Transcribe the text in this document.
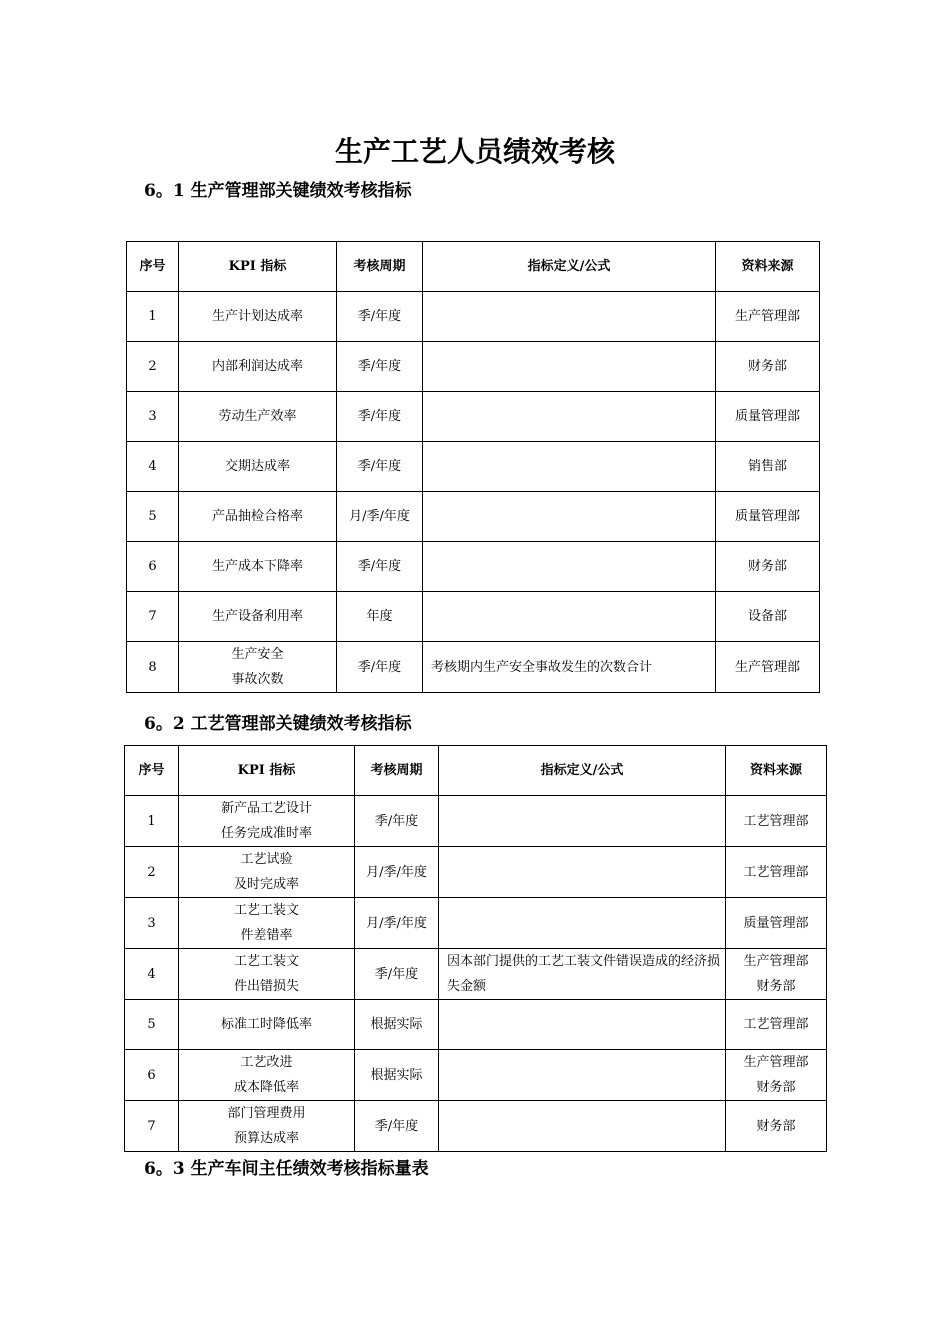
生产工艺人员绩效考核
6。1 生产管理部关键绩效考核指标
序号	KPI 指标	考核周期	指标定义/公式	资料来源
1	生产计划达成率	季/年度		生产管理部

2	内部利润达成率	季/年度		财务部

3	劳动生产效率	季/年度		质量管理部

4	交期达成率	季/年度		销售部

5	产品抽检合格率	月/季/年度		质量管理部

6	生产成本下降率	季/年度		财务部

7	生产设备利用率	年度		设备部

8	生产安全
事故次数	季/年度	考核期内生产安全事故发生的次数合计	生产管理部
6。2 工艺管理部关键绩效考核指标
序号	KPI 指标	考核周期	指标定义/公式	资料来源
1	新产品工艺设计
任务完成准时率	季/年度		工艺管理部

2	工艺试验
及时完成率	月/季/年度		工艺管理部

3	工艺工装文
件差错率	月/季/年度		质量管理部

4	工艺工装文
件出错损失	季/年度	因本部门提供的工艺工装文件错误造成的经济损失金额	生产管理部
财务部

5	标准工时降低率	根据实际		工艺管理部

6	工艺改进
成本降低率	根据实际		生产管理部
财务部

7	部门管理费用
预算达成率	季/年度		财务部
6。3 生产车间主任绩效考核指标量表
